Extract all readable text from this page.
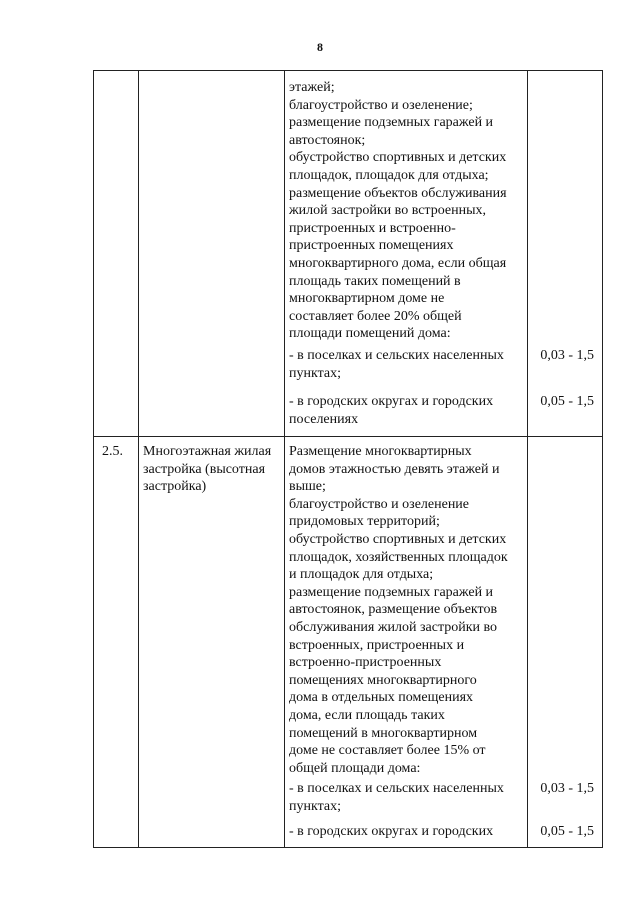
8
этажей;
благоустройство и озеленение;
размещение подземных гаражей и
автостоянок;
обустройство спортивных и детских
площадок, площадок для отдыха;
размещение объектов обслуживания
жилой застройки во встроенных,
пристроенных и встроенно-
пристроенных помещениях
многоквартирного дома, если общая
площадь таких помещений в
многоквартирном доме не
составляет более 20% общей
площади помещений дома:
- в поселках и сельских населенных
пунктах;
0,03 - 1,5
- в городских округах и городских
поселениях
0,05 - 1,5
2.5. Многоэтажная жилая
застройка (высотная
застройка)
Размещение многоквартирных
домов этажностью девять этажей и
выше;
благоустройство и озеленение
придомовых территорий;
обустройство спортивных и детских
площадок, хозяйственных площадок
и площадок для отдыха;
размещение подземных гаражей и
автостоянок, размещение объектов
обслуживания жилой застройки во
встроенных, пристроенных и
встроенно-пристроенных
помещениях многоквартирного
дома в отдельных помещениях
дома, если площадь таких
помещений в многоквартирном
доме не составляет более 15% от
общей площади дома:
- в поселках и сельских населенных
пунктах;
0,03 - 1,5
- в городских округах и городских	0,05 - 1,5
